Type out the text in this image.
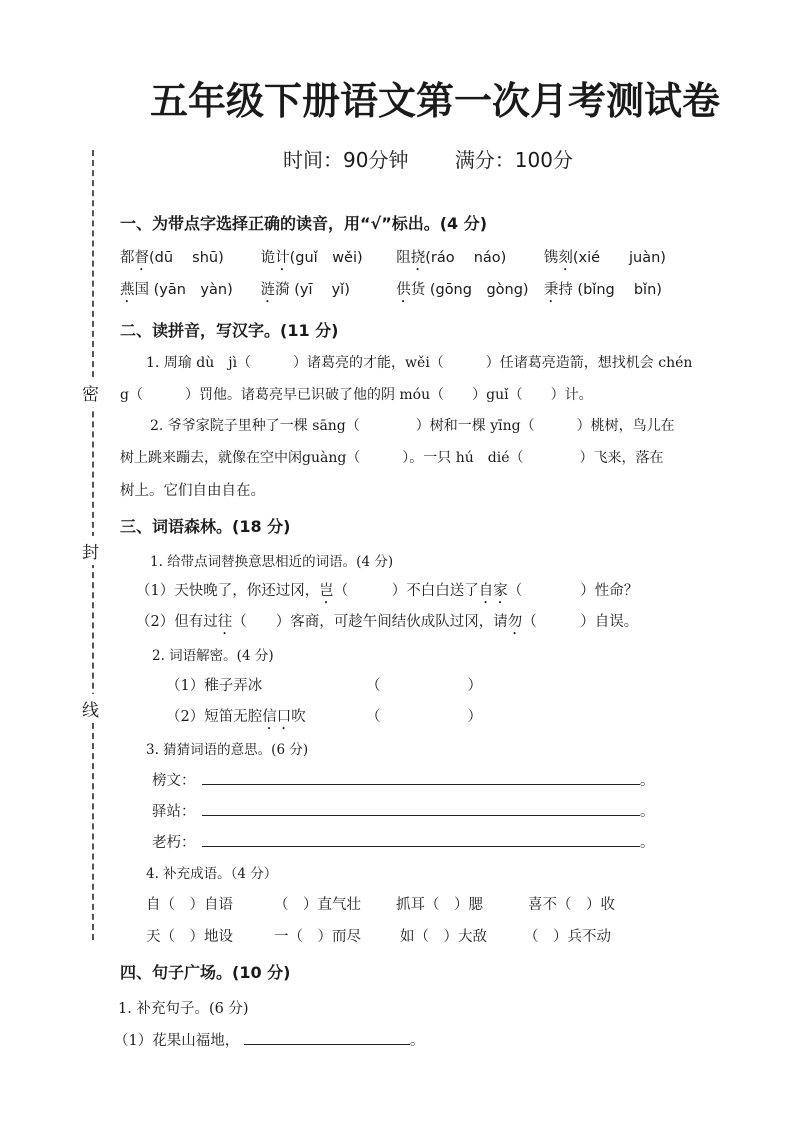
五年级下册语文第一次月考测试卷
时间：90分钟 满分：100分
密
封
线
一、为带点字选择正确的读音，用“√”标出。(4 分)
都督(dū　 shū)	诡计(guǐ　wěi) 阻挠(ráo　 náo)	镌刻(xié　　juàn)
燕国 (yān　yàn) 涟漪 (yī　 yǐ)	供货 (gōng　gòng) 秉持 (bǐng　 bǐn)
二、读拼音，写汉字。(11 分)
1. 周瑜 dù　jì（　　　）诸葛亮的才能，wěi（　　　）任诸葛亮造箭，想找机会 chén
g（　　　）罚他。诸葛亮早已识破了他的阴 móu（　　）guǐ（　　）计。
2. 爷爷家院子里种了一棵 sāng（　　　　）树和一棵 yīng（　　　）桃树，鸟儿在
树上跳来蹦去，就像在空中闲guàng（　　　）。一只 hú　dié（　　　　）飞来，落在
树上。它们自由自在。
三、词语森林。(18 分)
1. 给带点词替换意思相近的词语。(4 分)
（1）天快晚了，你还过冈，岂（　　　）不白白送了自家（　　　　）性命？
（2）但有过往（　　）客商，可趁午间结伙成队过冈，请勿（　　　）自误。
2. 词语解密。(4 分)
（1）稚子弄冰	（　　　　　　）
（2）短笛无腔信口吹	（　　　　　　）
3. 猜猜词语的意思。(6 分)
榜文：	。
驿站：	。
老朽：	。
4. 补充成语。（4 分）
自（　）自语	（　）直气壮 抓耳（　）腮	喜不（　）收
天（　）地设	一（　）而尽	如（　）大敌	（　）兵不动
四、句子广场。(10 分)
1. 补充句子。(6 分)
（1）花果山福地，	。
